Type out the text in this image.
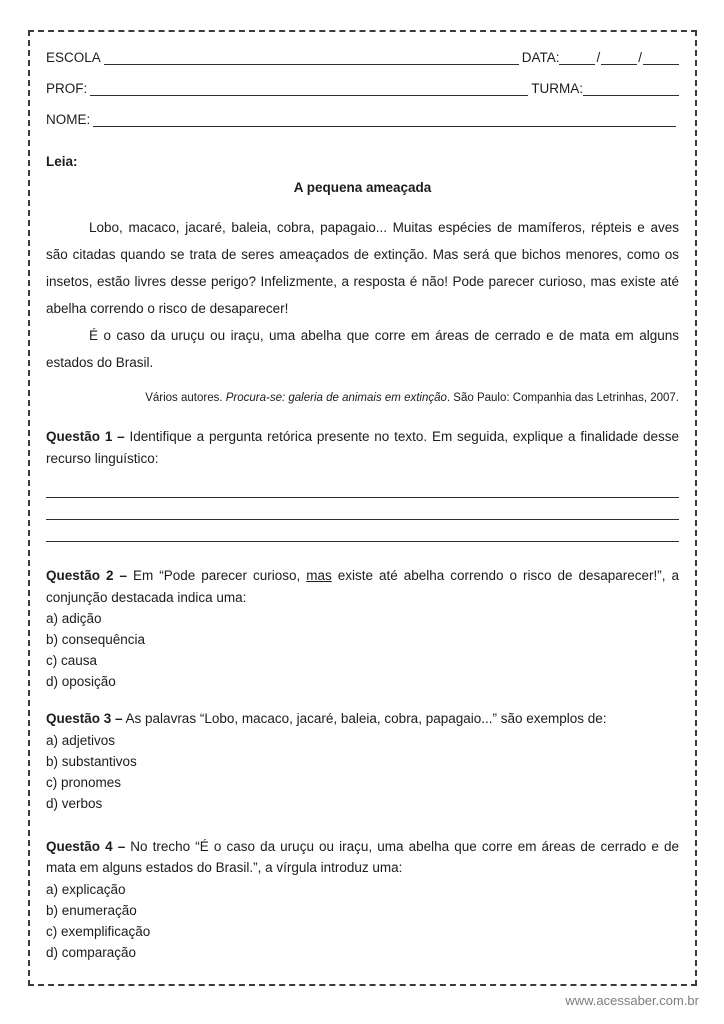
ESCOLA	DATA:	/	/
PROF:	TURMA:
NOME:
Leia:
A pequena ameaçada

Lobo, macaco, jacaré, baleia, cobra, papagaio... Muitas espécies de mamíferos, répteis e aves são citadas quando se trata de seres ameaçados de extinção. Mas será que bichos menores, como os insetos, estão livres desse perigo? Infelizmente, a resposta é não! Pode parecer curioso, mas existe até abelha correndo o risco de desaparecer!

É o caso da uruçu ou iraçu, uma abelha que corre em áreas de cerrado e de mata em alguns estados do Brasil.

Vários autores. Procura-se: galeria de animais em extinção. São Paulo: Companhia das Letrinhas, 2007.

Questão 1 – Identifique a pergunta retórica presente no texto. Em seguida, explique a finalidade desse recurso linguístico:

Questão 2 – Em “Pode parecer curioso, mas existe até abelha correndo o risco de desaparecer!”, a conjunção destacada indica uma:

a) adição
b) consequência
c) causa
d) oposição

Questão 3 – As palavras “Lobo, macaco, jacaré, baleia, cobra, papagaio...” são exemplos de:

a) adjetivos
b) substantivos
c) pronomes
d) verbos

Questão 4 – No trecho “É o caso da uruçu ou iraçu, uma abelha que corre em áreas de cerrado e de mata em alguns estados do Brasil.”, a vírgula introduz uma:

a) explicação
b) enumeração
c) exemplificação
d) comparação
www.acessaber.com.br
